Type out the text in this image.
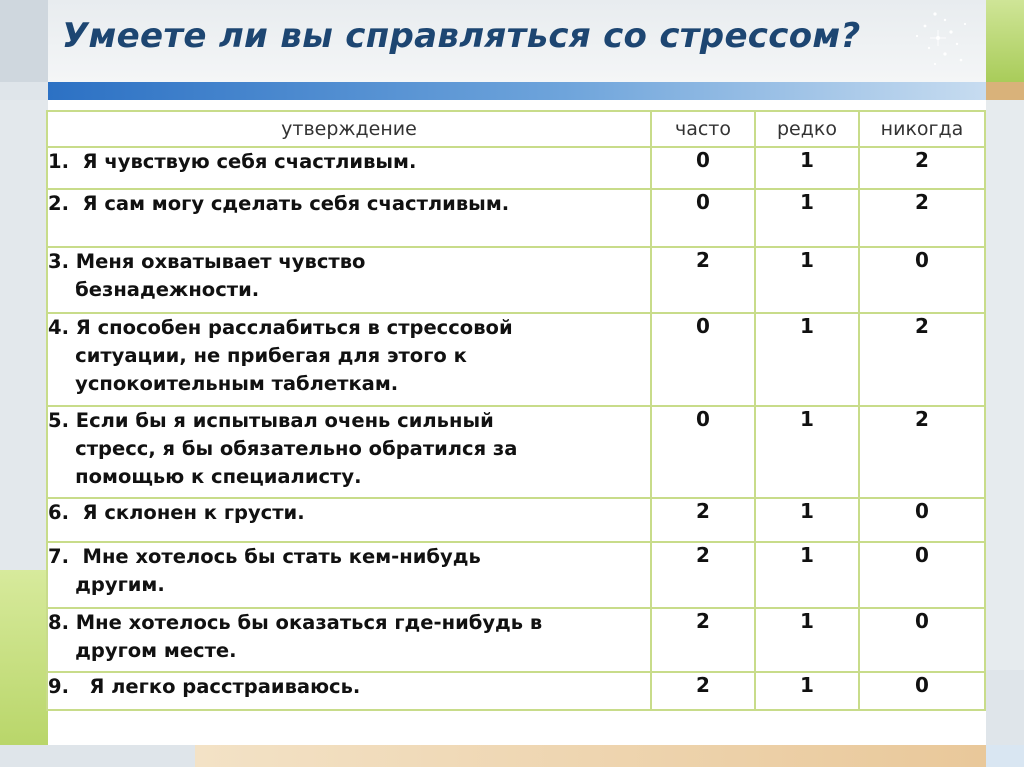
Умеете ли вы справляться со стрессом?
утверждение	часто	редко	никогда
1.  Я чувствую себя счастливым.	0	1	2
2.  Я сам могу сделать себя счастливым.	0	1	2
3. Меня охватывает чувство
безнадежности.	2	1	0
4. Я способен расслабиться в стрессовой
ситуации, не прибегая для этого к
успокоительным таблеткам.	0	1	2
5. Если бы я испытывал очень сильный
стресс, я бы обязательно обратился за
помощью к специалисту.	0	1	2
6.  Я склонен к грусти.	2	1	0
7.  Мне хотелось бы стать кем-нибудь
другим.	2	1	0
8. Мне хотелось бы оказаться где-нибудь в
другом месте.	2	1	0
9.   Я легко расстраиваюсь.	2	1	0
